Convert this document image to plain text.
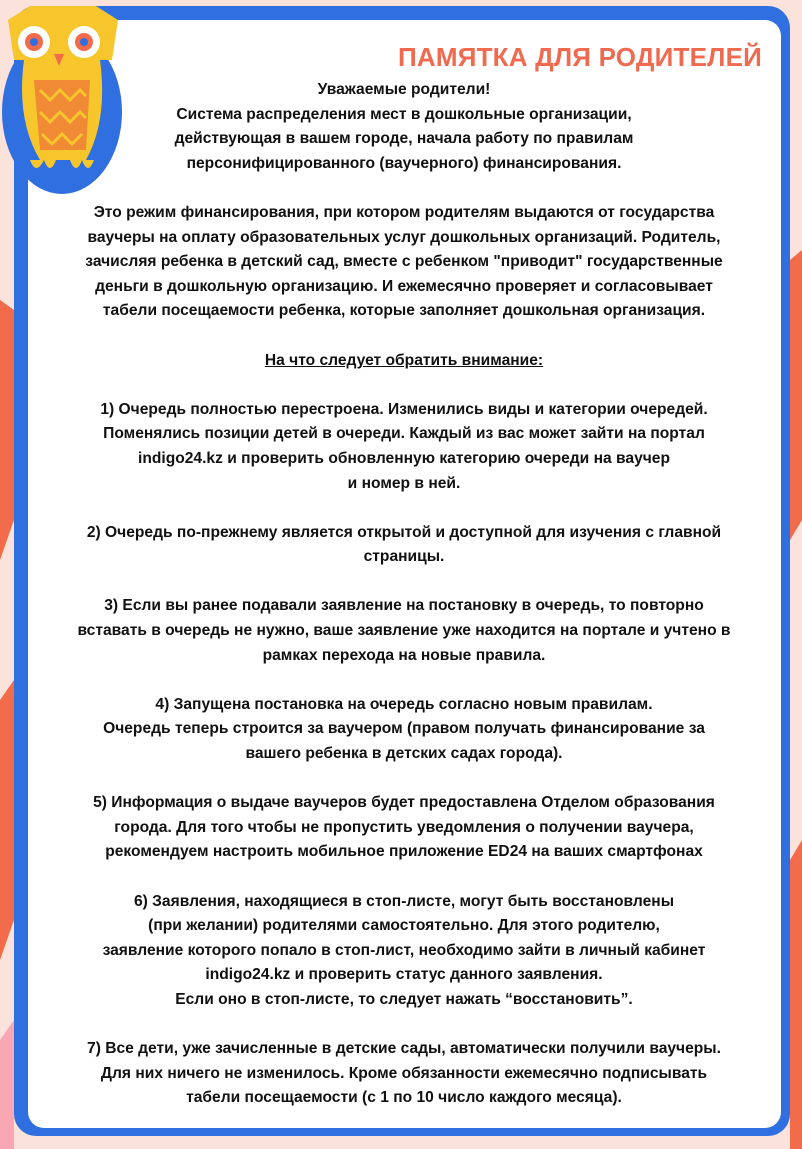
ПАМЯТКА ДЛЯ РОДИТЕЛЕЙ

Уважаемые родители!

Система распределения мест в дошкольные организации,

действующая в вашем городе, начала работу по правилам

персонифицированного (ваучерного) финансирования.

Это режим финансирования, при котором родителям выдаются от государства

ваучеры на оплату образовательных услуг дошкольных организаций. Родитель,

зачисляя ребенка в детский сад, вместе с ребенком "приводит" государственные

деньги в дошкольную организацию. И ежемесячно проверяет и согласовывает

табели посещаемости ребенка, которые заполняет дошкольная организация.

На что следует обратить внимание:

1) Очередь полностью перестроена. Изменились виды и категории очередей.

Поменялись позиции детей в очереди. Каждый из вас может зайти на портал

indigo24.kz и проверить обновленную категорию очереди на ваучер

и номер в ней.

2) Очередь по-прежнему является открытой и доступной для изучения с главной

страницы.

3) Если вы ранее подавали заявление на постановку в очередь, то повторно

вставать в очередь не нужно, ваше заявление уже находится на портале и учтено в

рамках перехода на новые правила.

4) Запущена постановка на очередь согласно новым правилам.

Очередь теперь строится за ваучером (правом получать финансирование за

вашего ребенка в детских садах города).

5) Информация о выдаче ваучеров будет предоставлена Отделом образования

города. Для того чтобы не пропустить уведомления о получении ваучера,

рекомендуем настроить мобильное приложение ED24 на ваших смартфонах

6) Заявления, находящиеся в стоп-листе, могут быть восстановлены

(при желании) родителями самостоятельно. Для этого родителю,

заявление которого попало в стоп-лист, необходимо зайти в личный кабинет

indigo24.kz и проверить статус данного заявления.

Если оно в стоп-листе, то следует нажать “восстановить”.

7) Все дети, уже зачисленные в детские сады, автоматически получили ваучеры.

Для них ничего не изменилось. Кроме обязанности ежемесячно подписывать

табели посещаемости (с 1 по 10 число каждого месяца).
